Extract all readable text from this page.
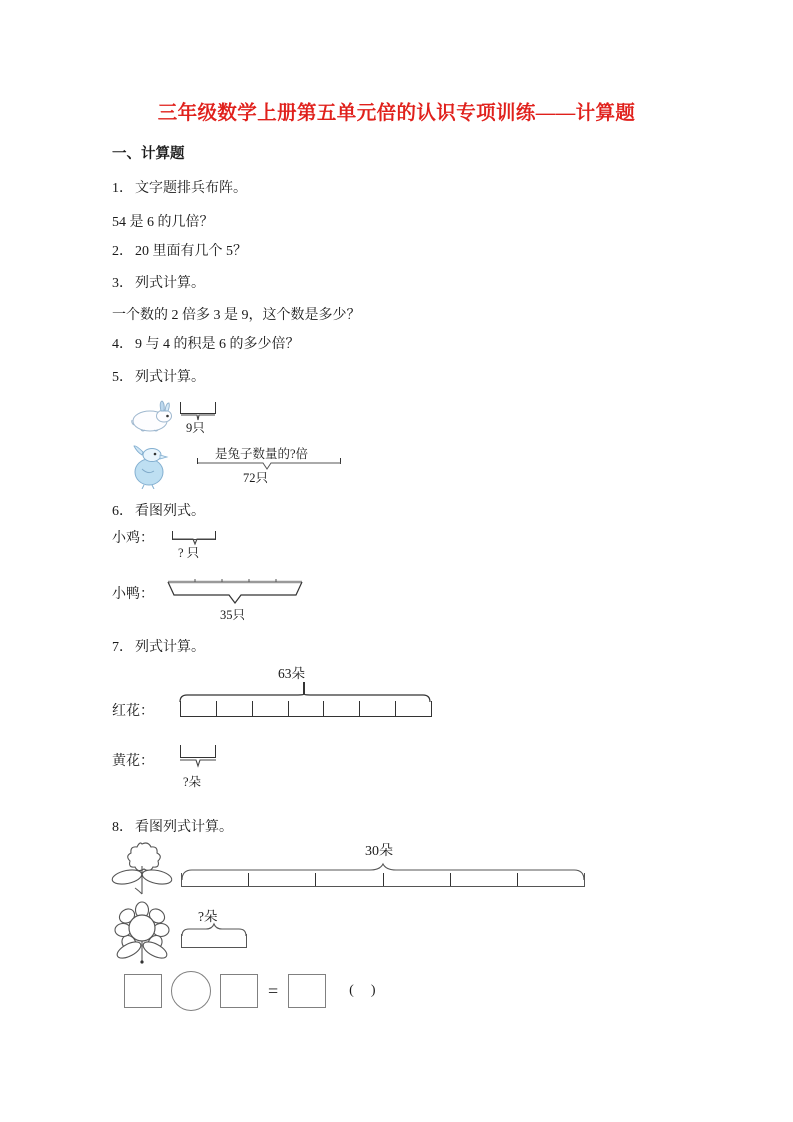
三年级数学上册第五单元倍的认识专项训练——计算题
一、计算题
1． 文字题排兵布阵。
54 是 6 的几倍？
2． 20 里面有几个 5？
3． 列式计算。
一个数的 2 倍多 3 是 9，这个数是多少？
4． 9 与 4 的积是 6 的多少倍？
5． 列式计算。
9只
是兔子数量的?倍
72只
6． 看图列式。
小鸡：
? 只
小鸭：
35只
7． 列式计算。
63朵
红花：
黄花：
?朵
8． 看图列式计算。
30朵
?朵
=	()
